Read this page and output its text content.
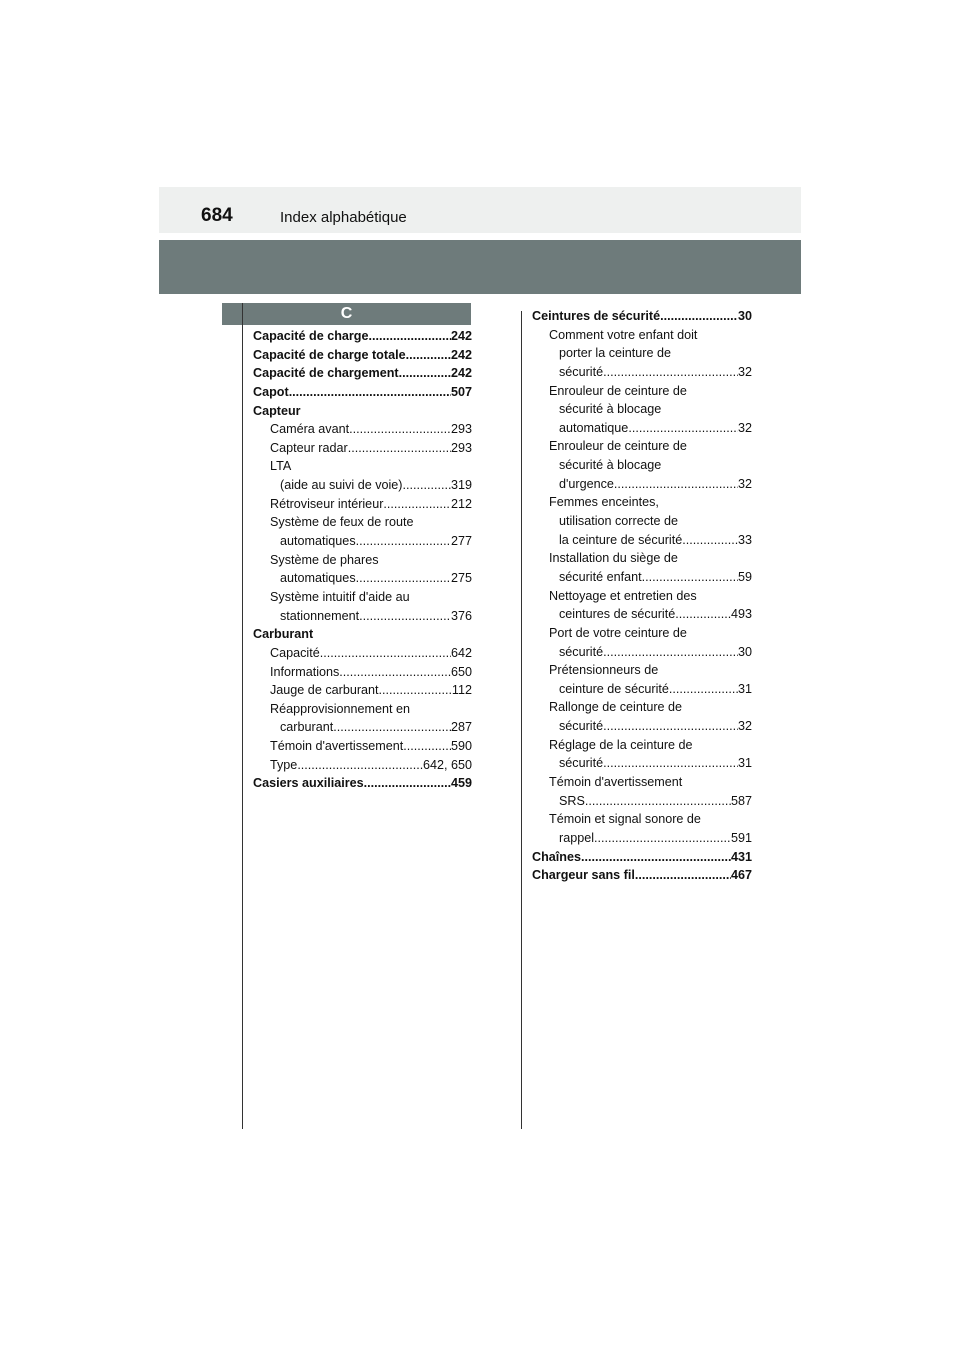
684	Index alphabétique
C
Capacité de charge .....	242
Capacité de charge totale .....	242
Capacité de chargement .....	242
Capot .....	507
Capteur
Caméra avant .....	293
Capteur radar .....	293
LTA
(aide au suivi de voie) .....	319
Rétroviseur intérieur .....	212
Système de feux de route
automatiques .....	277
Système de phares
automatiques .....	275
Système intuitif d'aide au
stationnement .....	376
Carburant
Capacité .....	642
Informations .....	650
Jauge de carburant .....	112
Réapprovisionnement en
carburant .....	287
Témoin d'avertissement .....	590
Type .....	642, 650
Casiers auxiliaires .....	459
Ceintures de sécurité .....	30
Comment votre enfant doit
porter la ceinture de
sécurité .....	32
Enrouleur de ceinture de
sécurité à blocage
automatique .....	32
Enrouleur de ceinture de
sécurité à blocage
d'urgence .....	32
Femmes enceintes,
utilisation correcte de
la ceinture de sécurité .....	33
Installation du siège de
sécurité enfant .....	59
Nettoyage et entretien des
ceintures de sécurité .....	493
Port de votre ceinture de
sécurité .....	30
Prétensionneurs de
ceinture de sécurité .....	31
Rallonge de ceinture de
sécurité .....	32
Réglage de la ceinture de
sécurité .....	31
Témoin d'avertissement
SRS .....	587
Témoin et signal sonore de
rappel .....	591
Chaînes .....	431
Chargeur sans fil .....	467
